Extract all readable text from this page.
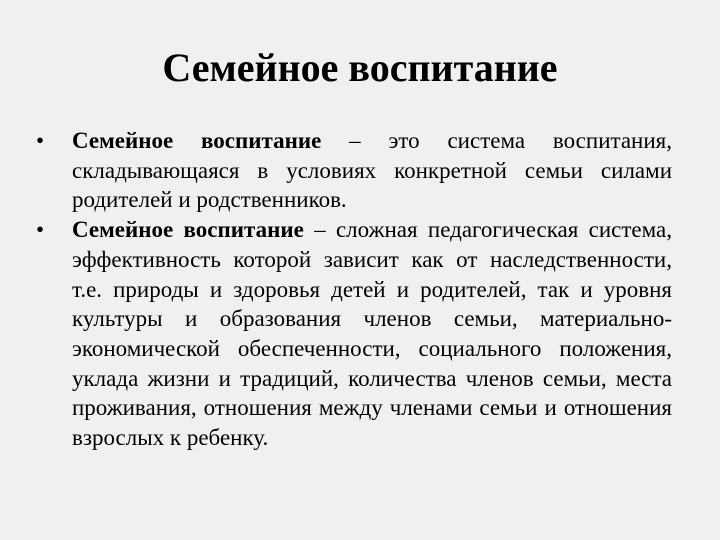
Семейное воспитание
•	Семейное воспитание – это система воспитания, складывающаяся в условиях конкретной семьи силами родителей и родственников.
•	Семейное воспитание – сложная педагогическая система, эффективность которой зависит как от наследственности, т.е. природы и здоровья детей и родителей, так и уровня культуры и образования членов семьи, материально-экономической обеспеченности, социального положения, уклада жизни и традиций, количества членов семьи, места проживания, отношения между членами семьи и отношения взрослых к ребенку.
